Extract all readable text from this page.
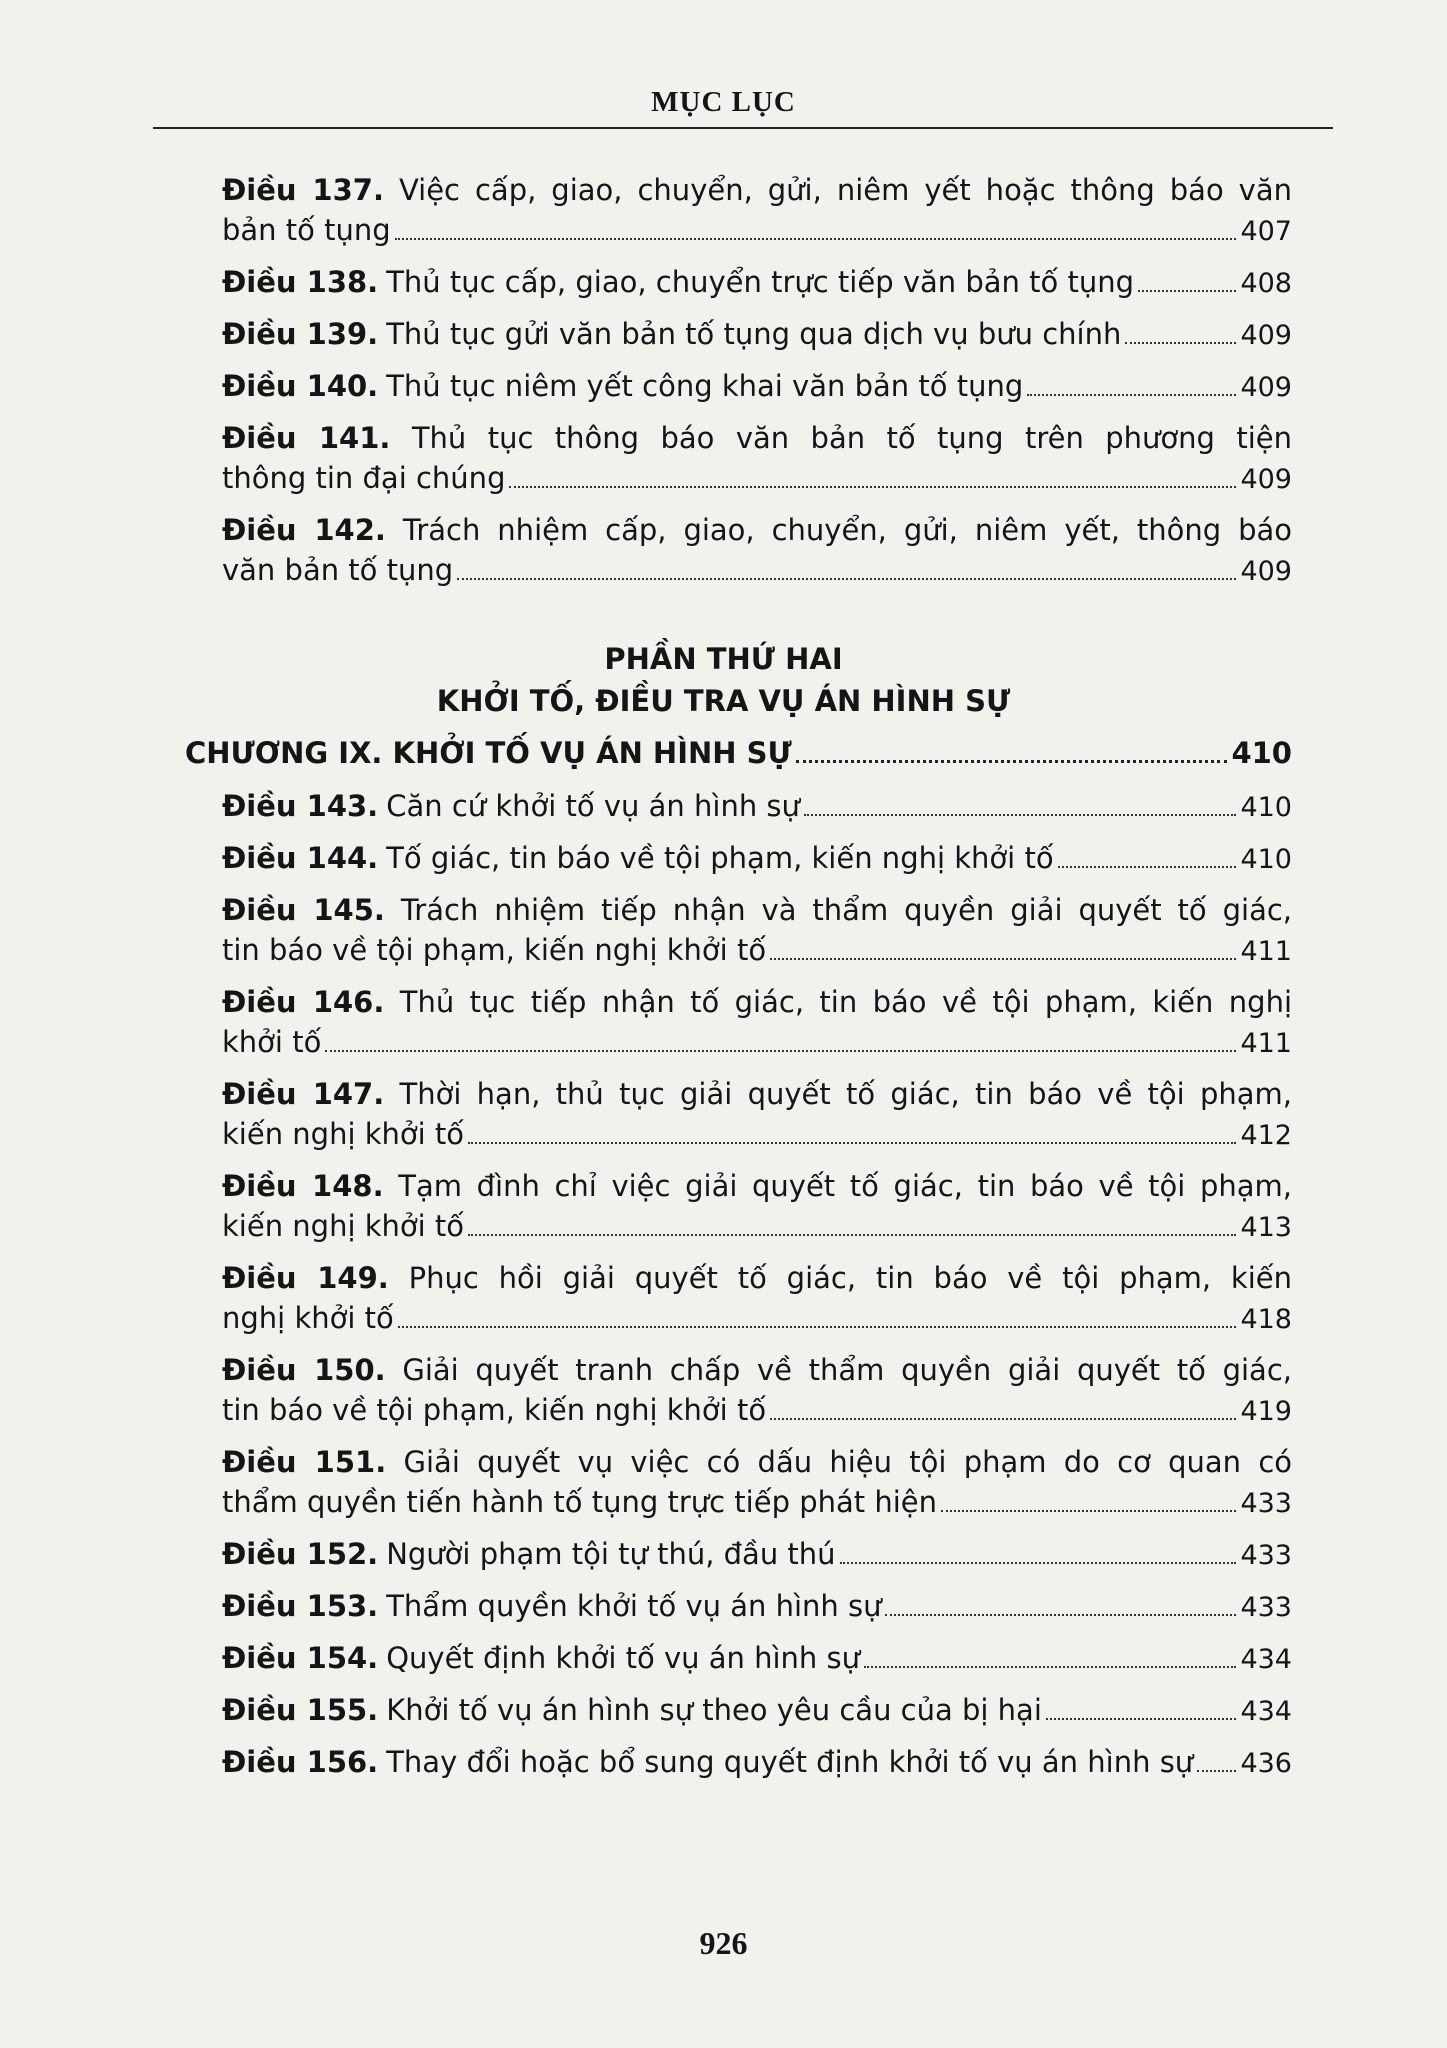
MỤC LỤC
Điều 137. Việc cấp, giao, chuyển, gửi, niêm yết hoặc thông báo văn
bản tố tụng	407
Điều 138. Thủ tục cấp, giao, chuyển trực tiếp văn bản tố tụng	408
Điều 139. Thủ tục gửi văn bản tố tụng qua dịch vụ bưu chính	409
Điều 140. Thủ tục niêm yết công khai văn bản tố tụng	409
Điều 141. Thủ tục thông báo văn bản tố tụng trên phương tiện
thông tin đại chúng	409
Điều 142. Trách nhiệm cấp, giao, chuyển, gửi, niêm yết, thông báo
văn bản tố tụng	409
PHẦN THỨ HAI
KHỞI TỐ, ĐIỀU TRA VỤ ÁN HÌNH SỰ
CHƯƠNG IX. KHỞI TỐ VỤ ÁN HÌNH SỰ	410
Điều 143. Căn cứ khởi tố vụ án hình sự	410
Điều 144. Tố giác, tin báo về tội phạm, kiến nghị khởi tố	410
Điều 145. Trách nhiệm tiếp nhận và thẩm quyền giải quyết tố giác,
tin báo về tội phạm, kiến nghị khởi tố	411
Điều 146. Thủ tục tiếp nhận tố giác, tin báo về tội phạm, kiến nghị
khởi tố	411
Điều 147. Thời hạn, thủ tục giải quyết tố giác, tin báo về tội phạm,
kiến nghị khởi tố	412
Điều 148. Tạm đình chỉ việc giải quyết tố giác, tin báo về tội phạm,
kiến nghị khởi tố	413
Điều 149. Phục hồi giải quyết tố giác, tin báo về tội phạm, kiến
nghị khởi tố	418
Điều 150. Giải quyết tranh chấp về thẩm quyền giải quyết tố giác,
tin báo về tội phạm, kiến nghị khởi tố	419
Điều 151. Giải quyết vụ việc có dấu hiệu tội phạm do cơ quan có
thẩm quyền tiến hành tố tụng trực tiếp phát hiện	433
Điều 152. Người phạm tội tự thú, đầu thú	433
Điều 153. Thẩm quyền khởi tố vụ án hình sự	433
Điều 154. Quyết định khởi tố vụ án hình sự	434
Điều 155. Khởi tố vụ án hình sự theo yêu cầu của bị hại	434
Điều 156. Thay đổi hoặc bổ sung quyết định khởi tố vụ án hình sự 436
926
